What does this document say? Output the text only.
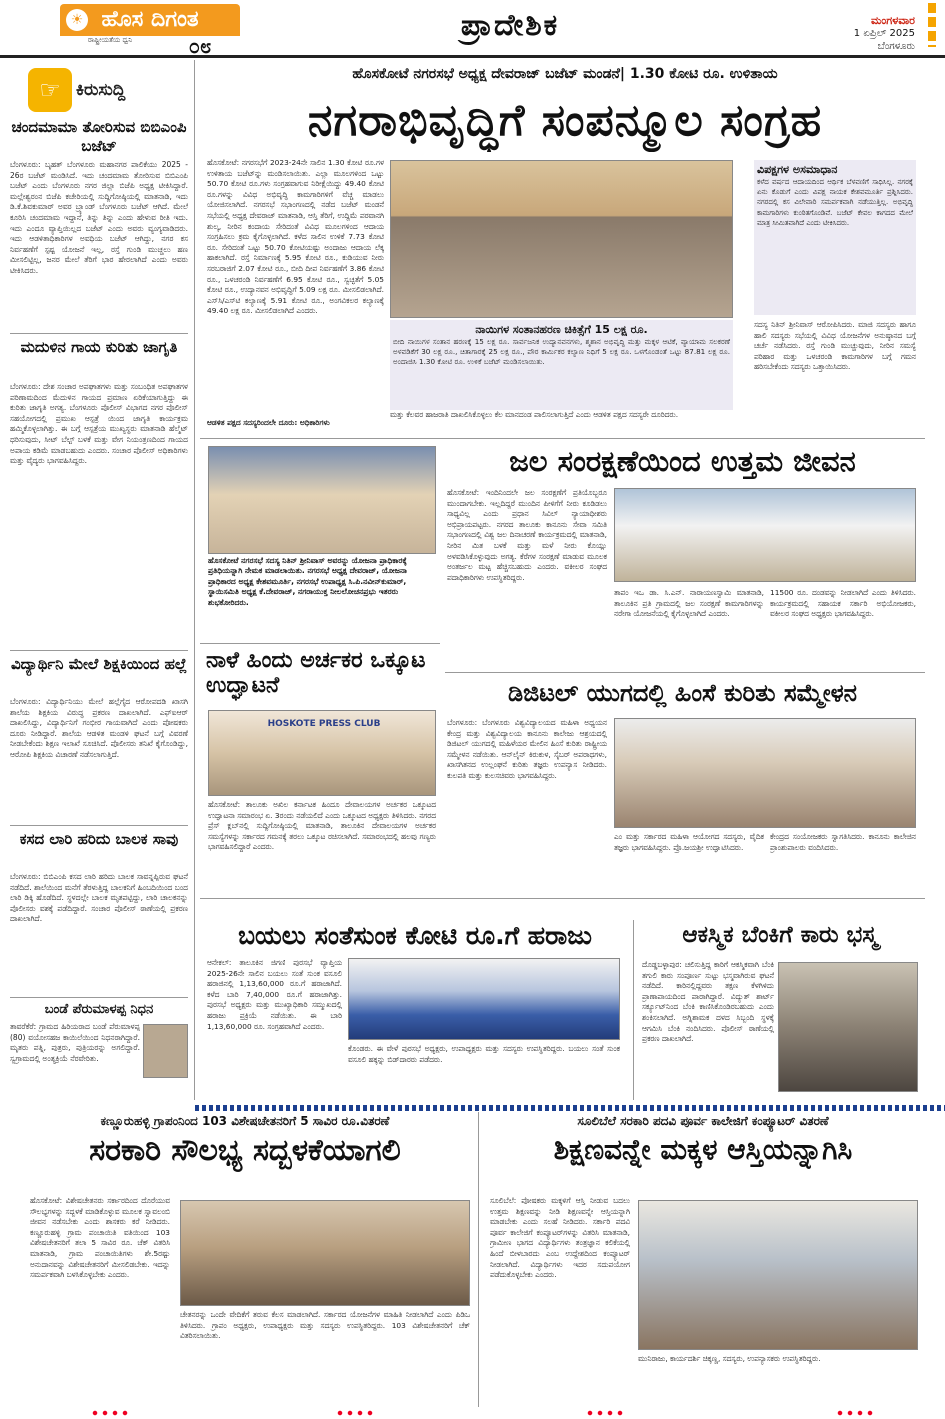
☀ ಹೊಸ ದಿಗಂತ
ರಾಷ್ಟ್ರೀಯತೆಯ ಧ್ವನಿ	೦೮
ಪ್ರಾದೇಶಿಕ	ಮಂಗಳವಾರ
1 ಏಪ್ರಿಲ್ 2025
ಬೆಂಗಳೂರು
☞ ಕಿರುಸುದ್ದಿ
ಚಂದಮಾಮಾ ತೋರಿಸುವ ಬಿಬಿಎಂಪಿ ಬಜೆಟ್
ಬೆಂಗಳೂರು: ಬೃಹತ್ ಬೆಂಗಳೂರು ಮಹಾನಗರ ಪಾಲಿಕೆಯು 2025 - 26ರ ಬಜೆಟ್ ಮಂಡಿಸಿದೆ. ಇದು ಚಂದಮಾಮ ತೋರಿಸುವ ಬಿಬಿಎಂಪಿ ಬಜೆಟ್ ಎಂದು ಬೆಂಗಳೂರು ನಗರ ಜಿಲ್ಲಾ ಬಿಜೆಪಿ ಅಧ್ಯಕ್ಷ ಟೀಕಿಸಿದ್ದಾರೆ. ಮಲ್ಲೇಶ್ವರಂನ ಬಿಜೆಪಿ ಕಚೇರಿಯಲ್ಲಿ ಸುದ್ದಿಗೋಷ್ಠಿಯಲ್ಲಿ ಮಾತನಾಡಿ, ಇದು ಡಿ.ಕೆ.ಶಿವಕುಮಾರ್ ಅವರ ಬ್ರ್ಯಾಂಡ್ ಬೆಂಗಳೂರು ಬಜೆಟ್ ಆಗಿದೆ. ಮೇಲೆ ಕೂರಿಸಿ ಚಂದಮಾಮ ಇದ್ದಾನೆ, ತಿನ್ನು ತಿನ್ನು ಎಂದು ಹೇಳುವ ರೀತಿ ಇದು. ಇದು ಎಂದೂ ವ್ಯಾಪ್ತಿಯಿಲ್ಲದ ಬಜೆಟ್ ಎಂದು ಅವರು ವ್ಯಂಗ್ಯವಾಡಿದರು. ಇದು ಆಡಳಿತಾಧಿಕಾರಿಗಳ ಅವಧಿಯ ಬಜೆಟ್ ಆಗಿದ್ದು, ನಗರ ಕಸ ನಿರ್ವಹಣೆಗೆ ಸ್ಪಷ್ಟ ಯೋಜನೆ ಇಲ್ಲ, ರಸ್ತೆ ಗುಂಡಿ ಮುಚ್ಚಲು ಹಣ ಮೀಸಲಿಟ್ಟಿಲ್ಲ, ಜನರ ಮೇಲೆ ತೆರಿಗೆ ಭಾರ ಹೇರಲಾಗಿದೆ ಎಂದು ಅವರು ಟೀಕಿಸಿದರು.
ಮದುಳಿನ ಗಾಯ ಕುರಿತು ಜಾಗೃತಿ
ಬೆಂಗಳೂರು: ದೇಶ ಸಂಚಾರ ಅಪಘಾತಗಳು ಮತ್ತು ಸಂಬಂಧಿತ ಅಪಘಾತಗಳ ಪರಿಣಾಮದಿಂದ ಮೆದುಳಿನ ಗಾಯದ ಪ್ರಮಾಣ ಏರಿಕೆಯಾಗುತ್ತಿದ್ದು ಈ ಕುರಿತು ಜಾಗೃತಿ ಅಗತ್ಯ. ಬೆಂಗಳೂರು ಪೊಲೀಸ್ ವಿಭಾಗದ ನಗರ ಪೊಲೀಸ್ ಸಹಯೋಗದಲ್ಲಿ ಪ್ರಮುಖ ಆಸ್ಪತ್ರೆ ಯಿಂದ ಜಾಗೃತಿ ಕಾರ್ಯಕ್ರಮ ಹಮ್ಮಿಕೊಳ್ಳಲಾಗಿತ್ತು. ಈ ಬಗ್ಗೆ ಆಸ್ಪತ್ರೆಯ ಮುಖ್ಯಸ್ಥರು ಮಾತನಾಡಿ ಹೆಲ್ಮೆಟ್ ಧರಿಸುವುದು, ಸೀಟ್ ಬೆಲ್ಟ್ ಬಳಕೆ ಮತ್ತು ವೇಗ ನಿಯಂತ್ರಣದಿಂದ ಗಾಯದ ಅಪಾಯ ಕಡಿಮೆ ಮಾಡಬಹುದು ಎಂದರು. ಸಂಚಾರ ಪೊಲೀಸ್ ಅಧಿಕಾರಿಗಳು ಮತ್ತು ವೈದ್ಯರು ಭಾಗವಹಿಸಿದ್ದರು.
ವಿದ್ಯಾರ್ಥಿನಿ ಮೇಲೆ ಶಿಕ್ಷಕಿಯಿಂದ ಹಲ್ಲೆ
ಬೆಂಗಳೂರು: ವಿದ್ಯಾರ್ಥಿನಿಯು ಮೇಲೆ ಹಲ್ಲೆಗೈದ ಆರೋಪದಡಿ ಖಾಸಗಿ ಶಾಲೆಯ ಶಿಕ್ಷಕಿಯ ವಿರುದ್ಧ ಪ್ರಕರಣ ದಾಖಲಾಗಿದೆ. ಎಫ್ಐಆರ್ ದಾಖಲಿಸಿದ್ದು, ವಿದ್ಯಾರ್ಥಿನಿಗೆ ಗಂಭೀರ ಗಾಯವಾಗಿದೆ ಎಂದು ಪೋಷಕರು ದೂರು ನೀಡಿದ್ದಾರೆ. ಶಾಲೆಯ ಆಡಳಿತ ಮಂಡಳಿ ಘಟನೆ ಬಗ್ಗೆ ವಿವರಣೆ ನೀಡಬೇಕೆಂದು ಶಿಕ್ಷಣ ಇಲಾಖೆ ಸೂಚಿಸಿದೆ. ಪೊಲೀಸರು ತನಿಖೆ ಕೈಗೊಂಡಿದ್ದು, ಆರೋಪಿ ಶಿಕ್ಷಕಿಯ ವಿಚಾರಣೆ ನಡೆಸಲಾಗುತ್ತಿದೆ.
ಕಸದ ಲಾರಿ ಹರಿದು ಬಾಲಕ ಸಾವು
ಬೆಂಗಳೂರು: ಬಿಬಿಎಂಪಿ ಕಸದ ಲಾರಿ ಹರಿದು ಬಾಲಕ ಸಾವನ್ನಪ್ಪಿರುವ ಘಟನೆ ನಡೆದಿದೆ. ಶಾಲೆಯಿಂದ ಮನೆಗೆ ತೆರಳುತ್ತಿದ್ದ ಬಾಲಕನಿಗೆ ಹಿಂಬದಿಯಿಂದ ಬಂದ ಲಾರಿ ಡಿಕ್ಕಿ ಹೊಡೆದಿದೆ. ಸ್ಥಳದಲ್ಲೇ ಬಾಲಕ ಮೃತಪಟ್ಟಿದ್ದು, ಲಾರಿ ಚಾಲಕನನ್ನು ಪೊಲೀಸರು ವಶಕ್ಕೆ ಪಡೆದಿದ್ದಾರೆ. ಸಂಚಾರ ಪೊಲೀಸ್ ಠಾಣೆಯಲ್ಲಿ ಪ್ರಕರಣ ದಾಖಲಾಗಿದೆ.
ಬಂಡೆ ಪೆರುಮಾಳಪ್ಪ ನಿಧನ
ತಾವರೆಕೆರೆ: ಗ್ರಾಮದ ಹಿರಿಯರಾದ ಬಂಡೆ ಪೆರುಮಾಳಪ್ಪ (80) ವಯೋಸಹಜ ಕಾಯಿಲೆಯಿಂದ ನಿಧನರಾಗಿದ್ದಾರೆ. ಮೃತರು ಪತ್ನಿ, ಪುತ್ರರು, ಪುತ್ರಿಯರನ್ನು ಅಗಲಿದ್ದಾರೆ. ಸ್ವಗ್ರಾಮದಲ್ಲಿ ಅಂತ್ಯಕ್ರಿಯೆ ನೆರವೇರಿತು.
ಹೊಸಕೋಟೆ ನಗರಸಭೆ ಅಧ್ಯಕ್ಷ ದೇವರಾಜ್ ಬಜೆಟ್ ಮಂಡನೆ| 1.30 ಕೋಟಿ ರೂ. ಉಳಿತಾಯ
ನಗರಾಭಿವೃದ್ಧಿಗೆ ಸಂಪನ್ಮೂಲ ಸಂಗ್ರಹ
ಹೊಸಕೋಟೆ: ನಗರಸಭೆಗೆ 2023-24ನೇ ಸಾಲಿನ 1.30 ಕೋಟಿ ರೂ.ಗಳ ಉಳಿತಾಯ ಬಜೆಟ್‌ನ್ನು ಮಂಡಿಸಲಾಯಿತು. ಎಲ್ಲಾ ಮೂಲಗಳಿಂದ ಒಟ್ಟು 50.70 ಕೋಟಿ ರೂ.ಗಳು ಸಂಗ್ರಹವಾಗುವ ನಿರೀಕ್ಷೆಯಿದ್ದು 49.40 ಕೋಟಿ ರೂ.ಗಳನ್ನು ವಿವಿಧ ಅಭಿವೃದ್ಧಿ ಕಾಮಗಾರಿಗಳಿಗೆ ವೆಚ್ಚ ಮಾಡಲು ಯೋಜಿಸಲಾಗಿದೆ. ನಗರಸಭೆ ಸಭಾಂಗಣದಲ್ಲಿ ನಡೆದ ಬಜೆಟ್ ಮಂಡನೆ ಸಭೆಯಲ್ಲಿ ಅಧ್ಯಕ್ಷ ದೇವರಾಜ್ ಮಾತನಾಡಿ, ಆಸ್ತಿ ತೆರಿಗೆ, ಉದ್ದಿಮೆ ಪರವಾನಗಿ ಶುಲ್ಕ, ನೀರಿನ ಕಂದಾಯ ಸೇರಿದಂತೆ ವಿವಿಧ ಮೂಲಗಳಿಂದ ಆದಾಯ ಸಂಗ್ರಹಿಸಲು ಕ್ರಮ ಕೈಗೊಳ್ಳಲಾಗಿದೆ. ಕಳೆದ ಸಾಲಿನ ಉಳಿಕೆ 7.73 ಕೋಟಿ ರೂ. ಸೇರಿದಂತೆ ಒಟ್ಟು 50.70 ಕೋಟಿಯಷ್ಟು ಅಂದಾಜು ಆದಾಯ ಲೆಕ್ಕ ಹಾಕಲಾಗಿದೆ. ರಸ್ತೆ ನಿರ್ಮಾಣಕ್ಕೆ 5.95 ಕೋಟಿ ರೂ., ಕುಡಿಯುವ ನೀರು ಸರಬರಾಜಿಗೆ 2.07 ಕೋಟಿ ರೂ., ಬೀದಿ ದೀಪ ನಿರ್ವಹಣೆಗೆ 3.86 ಕೋಟಿ ರೂ., ಒಳಚರಂಡಿ ನಿರ್ವಹಣೆಗೆ 6.95 ಕೋಟಿ ರೂ., ಸ್ವಚ್ಛತೆಗೆ 5.05 ಕೋಟಿ ರೂ., ಉದ್ಯಾನವನ ಅಭಿವೃದ್ಧಿಗೆ 5.09 ಲಕ್ಷ ರೂ. ಮೀಸಲಿಡಲಾಗಿದೆ. ಎಸ್‌ಸಿ/ಎಸ್‌ಟಿ ಕಲ್ಯಾಣಕ್ಕೆ 5.91 ಕೋಟಿ ರೂ., ಅಂಗವಿಕಲರ ಕಲ್ಯಾಣಕ್ಕೆ 49.40 ಲಕ್ಷ ರೂ. ಮೀಸಲಿಡಲಾಗಿದೆ ಎಂದರು.
ನಾಯಿಗಳ ಸಂತಾನಹರಣ ಚಿಕಿತ್ಸೆಗೆ 15 ಲಕ್ಷ ರೂ.
ಬೀದಿ ನಾಯಿಗಳ ಸಂತಾನ ಹರಣಕ್ಕೆ 15 ಲಕ್ಷ ರೂ. ಸಾರ್ವಜನಿಕ ಉದ್ಯಾನವನಗಳು, ಶ್ಮಶಾನ ಅಭಿವೃದ್ಧಿ ಮತ್ತು ಮಕ್ಕಳ ಆಟಿಕೆ, ವ್ಯಾಯಾಮ ಸಲಕರಣೆ ಅಳವಡಿಕೆಗೆ 30 ಲಕ್ಷ ರೂ., ಚಿತಾಗಾರಕ್ಕೆ 25 ಲಕ್ಷ ರೂ., ಪೌರ ಕಾರ್ಮಿಕರ ಕಲ್ಯಾಣ ನಿಧಿಗೆ 5 ಲಕ್ಷ ರೂ. ಒಳಗೊಂಡಂತೆ ಒಟ್ಟು 87.81 ಲಕ್ಷ ರೂ. ಅಂದಾಜಿಸಿ 1.30 ಕೋಟಿ ರೂ. ಉಳಿಕೆ ಬಜೆಟ್ ಮಂಡಿಸಲಾಯಿತು.
ವಿಪಕ್ಷಗಳ ಅಸಮಾಧಾನ
ಕಳೆದ ವರ್ಷದ ಆದಾಯದಿಂದ ಆರ್ಥಿಕ ಬೆಳವಣಿಗೆ ಸಾಧಿಸಿಲ್ಲ. ನಗರಕ್ಕೆ ಏನು ಕೊಡುಗೆ ಎಂದು ವಿಪಕ್ಷ ನಾಯಕ ಕೇಶವಮೂರ್ತಿ ಪ್ರಶ್ನಿಸಿದರು. ನಗರದಲ್ಲಿ ಕಸ ವಿಲೇವಾರಿ ಸಮರ್ಪಕವಾಗಿ ನಡೆಯುತ್ತಿಲ್ಲ. ಅಭಿವೃದ್ಧಿ ಕಾಮಗಾರಿಗಳು ಕುಂಠಿತಗೊಂಡಿವೆ. ಬಜೆಟ್ ಕೇವಲ ಕಾಗದದ ಮೇಲೆ ಮಾತ್ರ ಸೀಮಿತವಾಗಿದೆ ಎಂದು ಟೀಕಿಸಿದರು.
ಸದಸ್ಯ ನಿತಿನ್ ಶ್ರೀನಿವಾಸ್ ಆರೋಪಿಸಿದರು. ಮಾಜಿ ಸದಸ್ಯರು ಹಾಗೂ ಹಾಲಿ ಸದಸ್ಯರು ಸಭೆಯಲ್ಲಿ ವಿವಿಧ ಯೋಜನೆಗಳ ಅನುಷ್ಠಾನದ ಬಗ್ಗೆ ಚರ್ಚೆ ನಡೆಸಿದರು. ರಸ್ತೆ ಗುಂಡಿ ಮುಚ್ಚುವುದು, ನೀರಿನ ಸಮಸ್ಯೆ ಪರಿಹಾರ ಮತ್ತು ಒಳಚರಂಡಿ ಕಾಮಗಾರಿಗಳ ಬಗ್ಗೆ ಗಮನ ಹರಿಸಬೇಕೆಂದು ಸದಸ್ಯರು ಒತ್ತಾಯಿಸಿದರು.
ಆಡಳಿತ ಪಕ್ಷದ ಸದಸ್ಯರಿಂದಲೇ ದೂರು: ಅಧಿಕಾರಿಗಳು
ಮತ್ತು ಕೆಲವರ ಹಾಜರಾತಿ ದಾಖಲಿಸಿಕೊಳ್ಳಲು ಕೆಲ ಮಾನದಂಡ ಪಾಲಿಸಲಾಗುತ್ತಿದೆ ಎಂದು ಆಡಳಿತ ಪಕ್ಷದ ಸದಸ್ಯರೇ ದೂರಿದರು.
ಹೊಸಕೋಟೆ ನಗರಸಭೆ ಸದಸ್ಯ ನಿತಿನ್ ಶ್ರೀನಿವಾಸ್ ಅವರನ್ನು ಯೋಜನಾ ಪ್ರಾಧಿಕಾರಕ್ಕೆ ಪ್ರತಿಧಿಯನ್ನಾಗಿ ನೇಮಕ ಮಾಡಲಾಯಿತು. ನಗರಸಭೆ ಅಧ್ಯಕ್ಷ ದೇವರಾಜ್, ಯೋಜನಾ ಪ್ರಾಧಿಕಾರದ ಅಧ್ಯಕ್ಷ ಕೇಶವಮೂರ್ತಿ, ನಗರಸಭೆ ಉಪಾಧ್ಯಕ್ಷ ಸಿ.ಪಿ.ನವೀನ್‌ಕುಮಾರ್, ಸ್ಥಾಯಿಸಮಿತಿ ಅಧ್ಯಕ್ಷ ಕೆ.ದೇವರಾಜ್, ನಗರಾಯುಕ್ತ ನೀಲಲೋಚನಪ್ರಭು ಇತರರು ಶುಭಕೋರಿದರು.
ಜಲ ಸಂರಕ್ಷಣೆಯಿಂದ ಉತ್ತಮ ಜೀವನ
ಹೊಸಕೋಟೆ: ಇಂದಿನಿಂದಲೇ ಜಲ ಸಂರಕ್ಷಣೆಗೆ ಪ್ರತಿಯೊಬ್ಬರೂ ಮುಂದಾಗಬೇಕು. ಇಲ್ಲದಿದ್ದರೆ ಮುಂದಿನ ಪೀಳಿಗೆಗೆ ನೀರು ಕೂಡಿಡಲು ಸಾಧ್ಯವಿಲ್ಲ ಎಂದು ಪ್ರಧಾನ ಸಿವಿಲ್ ನ್ಯಾಯಾಧೀಶರು ಅಭಿಪ್ರಾಯಪಟ್ಟರು. ನಗರದ ತಾಲೂಕು ಕಾನೂನು ಸೇವಾ ಸಮಿತಿ ಸಭಾಂಗಣದಲ್ಲಿ ವಿಶ್ವ ಜಲ ದಿನಾಚರಣೆ ಕಾರ್ಯಕ್ರಮದಲ್ಲಿ ಮಾತನಾಡಿ, ನೀರಿನ ಮಿತ ಬಳಕೆ ಮತ್ತು ಮಳೆ ನೀರು ಕೊಯ್ಲು ಅಳವಡಿಸಿಕೊಳ್ಳುವುದು ಅಗತ್ಯ. ಕೆರೆಗಳ ಸಂರಕ್ಷಣೆ ಮಾಡುವ ಮೂಲಕ ಅಂತರ್ಜಲ ಮಟ್ಟ ಹೆಚ್ಚಿಸಬಹುದು ಎಂದರು. ವಕೀಲರ ಸಂಘದ ಪದಾಧಿಕಾರಿಗಳು ಉಪಸ್ಥಿತರಿದ್ದರು.
ತಾಪಂ ಇಒ ಡಾ. ಸಿ.ಎನ್. ನಾರಾಯಣಸ್ವಾಮಿ ಮಾತನಾಡಿ, ತಾಲೂಕಿನ ಪ್ರತಿ ಗ್ರಾಮದಲ್ಲಿ ಜಲ ಸಂರಕ್ಷಣೆ ಕಾಮಗಾರಿಗಳನ್ನು ನರೇಗಾ ಯೋಜನೆಯಲ್ಲಿ ಕೈಗೊಳ್ಳಲಾಗಿದೆ ಎಂದರು.
11500 ರೂ. ದಂಡವನ್ನು ನೀಡಲಾಗಿದೆ ಎಂದು ತಿಳಿಸಿದರು. ಕಾರ್ಯಕ್ರಮದಲ್ಲಿ ಸಹಾಯಕ ಸರ್ಕಾರಿ ಅಭಿಯೋಜಕರು, ವಕೀಲರ ಸಂಘದ ಅಧ್ಯಕ್ಷರು ಭಾಗವಹಿಸಿದ್ದರು.
ನಾಳೆ ಹಿಂದು ಅರ್ಚಕರ ಒಕ್ಕೂಟ ಉದ್ಘಾಟನೆ
HOSKOTE PRESS CLUB
ಹೊಸಕೋಟೆ: ತಾಲೂಕು ಅಖಿಲ ಕರ್ನಾಟಕ ಹಿಂದೂ ದೇವಾಲಯಗಳ ಅರ್ಚಕರ ಒಕ್ಕೂಟದ ಉದ್ಘಾಟನಾ ಸಮಾರಂಭ ಏ. 3ರಂದು ನಡೆಯಲಿದೆ ಎಂದು ಒಕ್ಕೂಟದ ಅಧ್ಯಕ್ಷರು ತಿಳಿಸಿದರು. ನಗರದ ಪ್ರೆಸ್ ಕ್ಲಬ್‌ನಲ್ಲಿ ಸುದ್ದಿಗೋಷ್ಠಿಯಲ್ಲಿ ಮಾತನಾಡಿ, ತಾಲೂಕಿನ ದೇವಾಲಯಗಳ ಅರ್ಚಕರ ಸಮಸ್ಯೆಗಳನ್ನು ಸರ್ಕಾರದ ಗಮನಕ್ಕೆ ತರಲು ಒಕ್ಕೂಟ ರಚಿಸಲಾಗಿದೆ. ಸಮಾರಂಭದಲ್ಲಿ ಹಲವು ಗಣ್ಯರು ಭಾಗವಹಿಸಲಿದ್ದಾರೆ ಎಂದರು.
ಡಿಜಿಟಲ್ ಯುಗದಲ್ಲಿ ಹಿಂಸೆ ಕುರಿತು ಸಮ್ಮೇಳನ
ಬೆಂಗಳೂರು: ಬೆಂಗಳೂರು ವಿಶ್ವವಿದ್ಯಾಲಯದ ಮಹಿಳಾ ಅಧ್ಯಯನ ಕೇಂದ್ರ ಮತ್ತು ವಿಶ್ವವಿದ್ಯಾಲಯ ಕಾನೂನು ಕಾಲೇಜು ಆಶ್ರಯದಲ್ಲಿ ಡಿಜಿಟಲ್ ಯುಗದಲ್ಲಿ ಮಹಿಳೆಯರ ಮೇಲಿನ ಹಿಂಸೆ ಕುರಿತು ರಾಷ್ಟ್ರೀಯ ಸಮ್ಮೇಳನ ನಡೆಯಿತು. ಆನ್‌ಲೈನ್ ಕಿರುಕುಳ, ಸೈಬರ್ ಅಪರಾಧಗಳು, ಖಾಸಗಿತನದ ಉಲ್ಲಂಘನೆ ಕುರಿತು ತಜ್ಞರು ಉಪನ್ಯಾಸ ನೀಡಿದರು. ಕುಲಪತಿ ಮತ್ತು ಕುಲಸಚಿವರು ಭಾಗವಹಿಸಿದ್ದರು.
ಎಂ ಮತ್ತು ಸರ್ಕಾರದ ಮಹಿಳಾ ಆಯೋಗದ ಸದಸ್ಯರು, ವೈದಿಕ ತಜ್ಞರು ಭಾಗವಹಿಸಿದ್ದರು. ಪ್ರೊ.ಜಯಶ್ರೀ ಉದ್ಘಾಟಿಸಿದರು.
ಕೇಂದ್ರದ ಸಂಯೋಜಕರು ಸ್ವಾಗತಿಸಿದರು. ಕಾನೂನು ಕಾಲೇಜಿನ ಪ್ರಾಂಶುಪಾಲರು ವಂದಿಸಿದರು.
ಬಯಲು ಸಂತೆಸುಂಕ ಕೋಟಿ ರೂ.ಗೆ ಹರಾಜು
ಆನೇಕಲ್: ತಾಲೂಕಿನ ಜಿಗಣಿ ಪುರಸಭೆ ವ್ಯಾಪ್ತಿಯ 2025-26ನೇ ಸಾಲಿನ ಬಯಲು ಸಂತೆ ಸುಂಕ ವಸೂಲಿ ಹರಾಜಿನಲ್ಲಿ 1,13,60,000 ರೂ.ಗೆ ಹರಾಜಾಗಿದೆ. ಕಳೆದ ಬಾರಿ 7,40,000 ರೂ.ಗೆ ಹರಾಜಾಗಿತ್ತು. ಪುರಸಭೆ ಅಧ್ಯಕ್ಷರು ಮತ್ತು ಮುಖ್ಯಾಧಿಕಾರಿ ಸಮ್ಮುಖದಲ್ಲಿ ಹರಾಜು ಪ್ರಕ್ರಿಯೆ ನಡೆಯಿತು. ಈ ಬಾರಿ 1,13,60,000 ರೂ. ಸಂಗ್ರಹವಾಗಿದೆ ಎಂದರು.
ಕೊಂಡರು. ಈ ವೇಳೆ ಪುರಸಭೆ ಅಧ್ಯಕ್ಷರು, ಉಪಾಧ್ಯಕ್ಷರು ಮತ್ತು ಸದಸ್ಯರು ಉಪಸ್ಥಿತರಿದ್ದರು. ಬಯಲು ಸಂತೆ ಸುಂಕ ವಸೂಲಿ ಹಕ್ಕನ್ನು ಬಿಡ್‌ದಾರರು ಪಡೆದರು.
ಆಕಸ್ಮಿಕ ಬೆಂಕಿಗೆ ಕಾರು ಭಸ್ಮ
ದೊಡ್ಡಬಳ್ಳಾಪುರ: ಚಲಿಸುತ್ತಿದ್ದ ಕಾರಿಗೆ ಆಕಸ್ಮಿಕವಾಗಿ ಬೆಂಕಿ ತಗುಲಿ ಕಾರು ಸಂಪೂರ್ಣ ಸುಟ್ಟು ಭಸ್ಮವಾಗಿರುವ ಘಟನೆ ನಡೆದಿದೆ. ಕಾರಿನಲ್ಲಿದ್ದವರು ತಕ್ಷಣ ಕೆಳಗಿಳಿದು ಪ್ರಾಣಾಪಾಯದಿಂದ ಪಾರಾಗಿದ್ದಾರೆ. ವಿದ್ಯುತ್ ಶಾರ್ಟ್ ಸರ್ಕ್ಯೂಟ್‌ನಿಂದ ಬೆಂಕಿ ಕಾಣಿಸಿಕೊಂಡಿರಬಹುದು ಎಂದು ಶಂಕಿಸಲಾಗಿದೆ. ಅಗ್ನಿಶಾಮಕ ದಳದ ಸಿಬ್ಬಂದಿ ಸ್ಥಳಕ್ಕೆ ಆಗಮಿಸಿ ಬೆಂಕಿ ನಂದಿಸಿದರು. ಪೊಲೀಸ್ ಠಾಣೆಯಲ್ಲಿ ಪ್ರಕರಣ ದಾಖಲಾಗಿದೆ.
ಕಣ್ಣೂರುಹಳ್ಳಿ ಗ್ರಾಪಂನಿಂದ 103 ವಿಶೇಷಚೇತನರಿಗೆ 5 ಸಾವಿರ ರೂ.ವಿತರಣೆ
ಸರಕಾರಿ ಸೌಲಭ್ಯ ಸದ್ಬಳಕೆಯಾಗಲಿ
ಹೊಸಕೋಟೆ: ವಿಶೇಷಚೇತನರು ಸರ್ಕಾರದಿಂದ ದೊರೆಯುವ ಸೌಲಭ್ಯಗಳನ್ನು ಸದ್ಬಳಕೆ ಮಾಡಿಕೊಳ್ಳುವ ಮೂಲಕ ಸ್ವಾವಲಂಬಿ ಜೀವನ ನಡೆಸಬೇಕು ಎಂದು ಶಾಸಕರು ಕರೆ ನೀಡಿದರು. ಕಣ್ಣೂರುಹಳ್ಳಿ ಗ್ರಾಮ ಪಂಚಾಯಿತಿ ವತಿಯಿಂದ 103 ವಿಶೇಷಚೇತನರಿಗೆ ತಲಾ 5 ಸಾವಿರ ರೂ. ಚೆಕ್ ವಿತರಿಸಿ ಮಾತನಾಡಿ, ಗ್ರಾಮ ಪಂಚಾಯಿತಿಗಳು ಶೇ.5ರಷ್ಟು ಅನುದಾನವನ್ನು ವಿಶೇಷಚೇತನರಿಗೆ ಮೀಸಲಿಡಬೇಕು. ಇದನ್ನು ಸಮರ್ಪಕವಾಗಿ ಬಳಸಿಕೊಳ್ಳಬೇಕು ಎಂದರು.
ಚೇತನರನ್ನು ಒಂದೇ ವೇದಿಕೆಗೆ ತರುವ ಕೆಲಸ ಮಾಡಲಾಗಿದೆ. ಸರ್ಕಾರದ ಯೋಜನೆಗಳ ಮಾಹಿತಿ ನೀಡಲಾಗಿದೆ ಎಂದು ಪಿಡಿಒ ತಿಳಿಸಿದರು. ಗ್ರಾಪಂ ಅಧ್ಯಕ್ಷರು, ಉಪಾಧ್ಯಕ್ಷರು ಮತ್ತು ಸದಸ್ಯರು ಉಪಸ್ಥಿತರಿದ್ದರು. 103 ವಿಶೇಷಚೇತನರಿಗೆ ಚೆಕ್ ವಿತರಿಸಲಾಯಿತು.
ಸೂಲಿಬೆಲೆ ಸರಕಾರಿ ಪದವಿ ಪೂರ್ವ ಕಾಲೇಜಿಗೆ ಕಂಪ್ಯೂಟರ್ ವಿತರಣೆ
ಶಿಕ್ಷಣವನ್ನೇ ಮಕ್ಕಳ ಆಸ್ತಿಯನ್ನಾಗಿಸಿ
ಸೂಲಿಬೆಲೆ: ಪೋಷಕರು ಮಕ್ಕಳಿಗೆ ಆಸ್ತಿ ನೀಡುವ ಬದಲು ಉತ್ತಮ ಶಿಕ್ಷಣವನ್ನು ನೀಡಿ ಶಿಕ್ಷಣವನ್ನೇ ಆಸ್ತಿಯನ್ನಾಗಿ ಮಾಡಬೇಕು ಎಂದು ಸಲಹೆ ನೀಡಿದರು. ಸರ್ಕಾರಿ ಪದವಿ ಪೂರ್ವ ಕಾಲೇಜಿಗೆ ಕಂಪ್ಯೂಟರ್‌ಗಳನ್ನು ವಿತರಿಸಿ ಮಾತನಾಡಿ, ಗ್ರಾಮೀಣ ಭಾಗದ ವಿದ್ಯಾರ್ಥಿಗಳು ತಂತ್ರಜ್ಞಾನ ಕಲಿಕೆಯಲ್ಲಿ ಹಿಂದೆ ಬೀಳಬಾರದು ಎಂಬ ಉದ್ದೇಶದಿಂದ ಕಂಪ್ಯೂಟರ್ ನೀಡಲಾಗಿದೆ. ವಿದ್ಯಾರ್ಥಿಗಳು ಇದರ ಸದುಪಯೋಗ ಪಡೆದುಕೊಳ್ಳಬೇಕು ಎಂದರು.
ಮುನಿರಾಜು, ಕಾರ್ಯದರ್ಶಿ ಚಿಕ್ಕಣ್ಣ, ಸದಸ್ಯರು, ಉಪನ್ಯಾಸಕರು ಉಪಸ್ಥಿತರಿದ್ದರು.
